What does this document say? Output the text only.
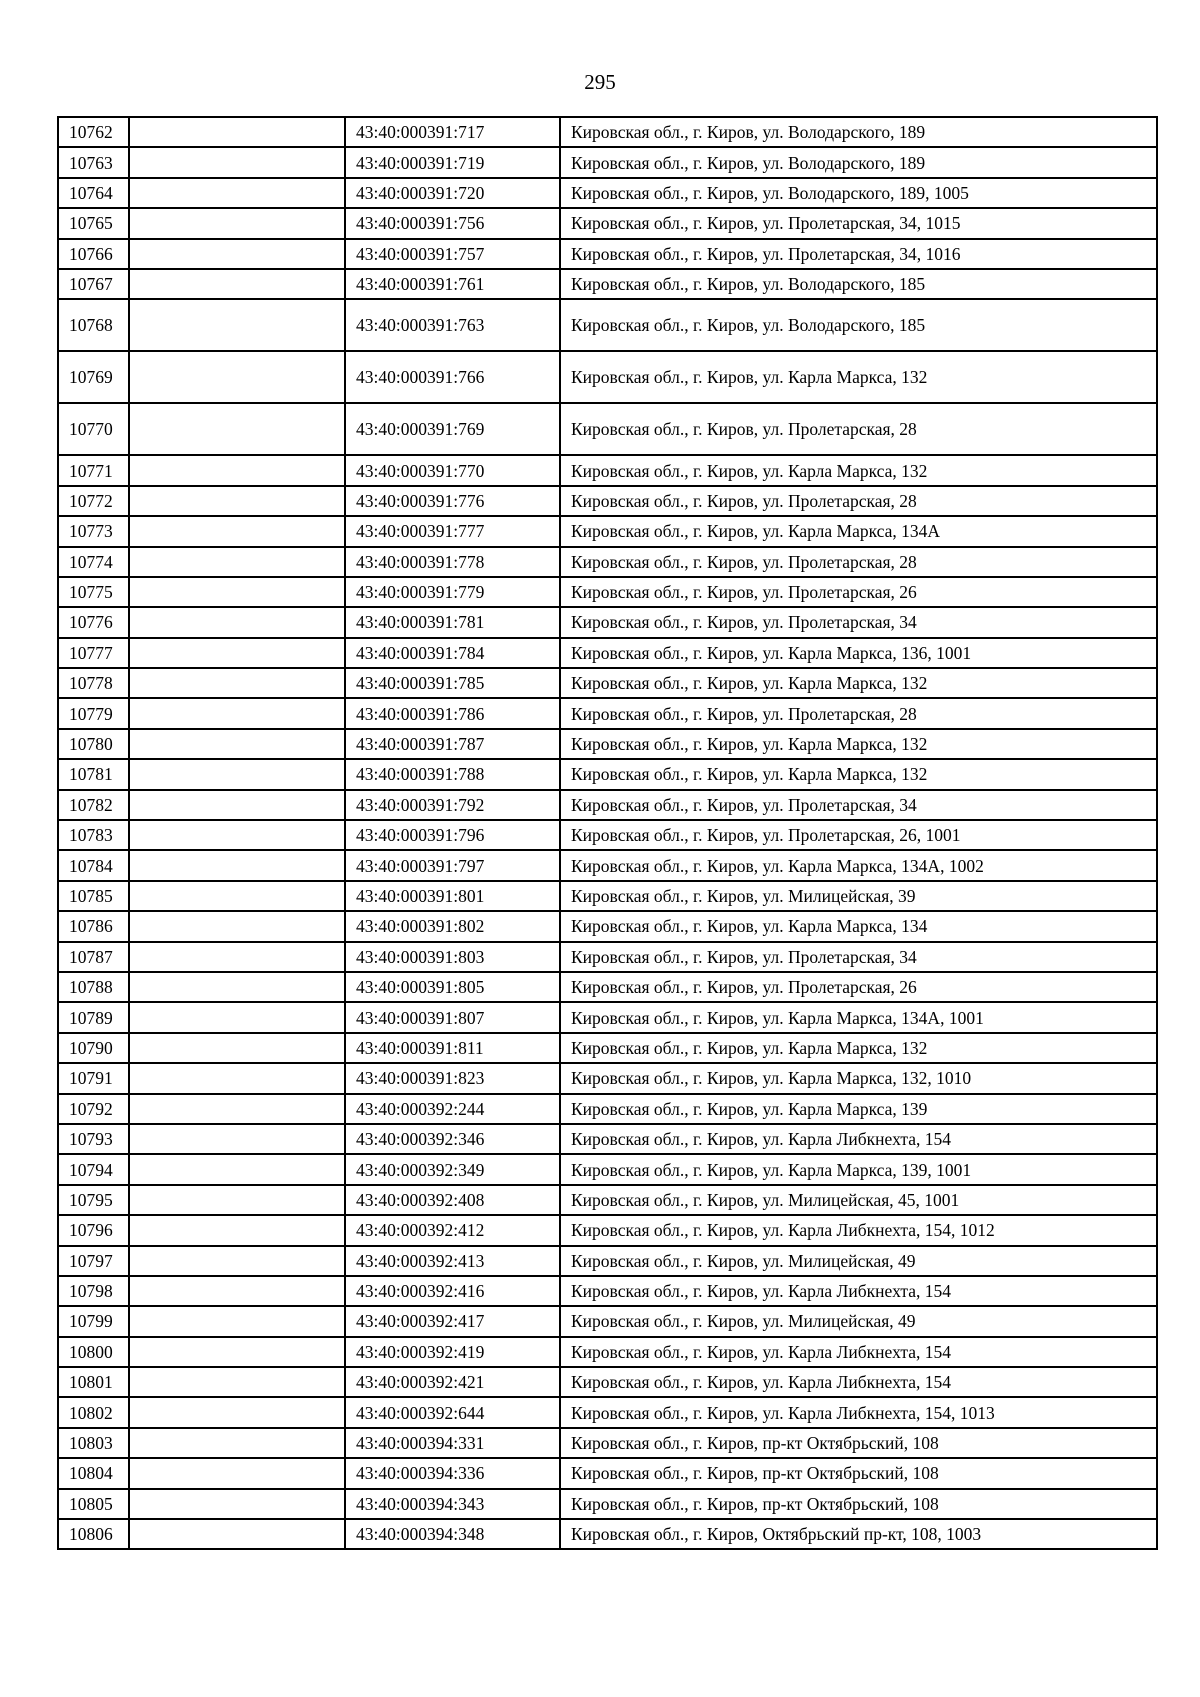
295
10762		43:40:000391:717	Кировская обл., г. Киров, ул. Володарского, 189
10763		43:40:000391:719	Кировская обл., г. Киров, ул. Володарского, 189
10764		43:40:000391:720	Кировская обл., г. Киров, ул. Володарского, 189, 1005
10765		43:40:000391:756	Кировская обл., г. Киров, ул. Пролетарская, 34, 1015
10766		43:40:000391:757	Кировская обл., г. Киров, ул. Пролетарская, 34, 1016
10767		43:40:000391:761	Кировская обл., г. Киров, ул. Володарского, 185
10768		43:40:000391:763	Кировская обл., г. Киров, ул. Володарского, 185
10769		43:40:000391:766	Кировская обл., г. Киров, ул. Карла Маркса, 132
10770		43:40:000391:769	Кировская обл., г. Киров, ул. Пролетарская, 28
10771		43:40:000391:770	Кировская обл., г. Киров, ул. Карла Маркса, 132
10772		43:40:000391:776	Кировская обл., г. Киров, ул. Пролетарская, 28
10773		43:40:000391:777	Кировская обл., г. Киров, ул. Карла Маркса, 134А
10774		43:40:000391:778	Кировская обл., г. Киров, ул. Пролетарская, 28
10775		43:40:000391:779	Кировская обл., г. Киров, ул. Пролетарская, 26
10776		43:40:000391:781	Кировская обл., г. Киров, ул. Пролетарская, 34
10777		43:40:000391:784	Кировская обл., г. Киров, ул. Карла Маркса, 136, 1001
10778		43:40:000391:785	Кировская обл., г. Киров, ул. Карла Маркса, 132
10779		43:40:000391:786	Кировская обл., г. Киров, ул. Пролетарская, 28
10780		43:40:000391:787	Кировская обл., г. Киров, ул. Карла Маркса, 132
10781		43:40:000391:788	Кировская обл., г. Киров, ул. Карла Маркса, 132
10782		43:40:000391:792	Кировская обл., г. Киров, ул. Пролетарская, 34
10783		43:40:000391:796	Кировская обл., г. Киров, ул. Пролетарская, 26, 1001
10784		43:40:000391:797	Кировская обл., г. Киров, ул. Карла Маркса, 134А, 1002
10785		43:40:000391:801	Кировская обл., г. Киров, ул. Милицейская, 39
10786		43:40:000391:802	Кировская обл., г. Киров, ул. Карла Маркса, 134
10787		43:40:000391:803	Кировская обл., г. Киров, ул. Пролетарская, 34
10788		43:40:000391:805	Кировская обл., г. Киров, ул. Пролетарская, 26
10789		43:40:000391:807	Кировская обл., г. Киров, ул. Карла Маркса, 134А, 1001
10790		43:40:000391:811	Кировская обл., г. Киров, ул. Карла Маркса, 132
10791		43:40:000391:823	Кировская обл., г. Киров, ул. Карла Маркса, 132, 1010
10792		43:40:000392:244	Кировская обл., г. Киров, ул. Карла Маркса, 139
10793		43:40:000392:346	Кировская обл., г. Киров, ул. Карла Либкнехта, 154
10794		43:40:000392:349	Кировская обл., г. Киров, ул. Карла Маркса, 139, 1001
10795		43:40:000392:408	Кировская обл., г. Киров, ул. Милицейская, 45, 1001
10796		43:40:000392:412	Кировская обл., г. Киров, ул. Карла Либкнехта, 154, 1012
10797		43:40:000392:413	Кировская обл., г. Киров, ул. Милицейская, 49
10798		43:40:000392:416	Кировская обл., г. Киров, ул. Карла Либкнехта, 154
10799		43:40:000392:417	Кировская обл., г. Киров, ул. Милицейская, 49
10800		43:40:000392:419	Кировская обл., г. Киров, ул. Карла Либкнехта, 154
10801		43:40:000392:421	Кировская обл., г. Киров, ул. Карла Либкнехта, 154
10802		43:40:000392:644	Кировская обл., г. Киров, ул. Карла Либкнехта, 154, 1013
10803		43:40:000394:331	Кировская обл., г. Киров, пр-кт Октябрьский, 108
10804		43:40:000394:336	Кировская обл., г. Киров, пр-кт Октябрьский, 108
10805		43:40:000394:343	Кировская обл., г. Киров, пр-кт Октябрьский, 108
10806		43:40:000394:348	Кировская обл., г. Киров, Октябрьский пр-кт, 108, 1003
